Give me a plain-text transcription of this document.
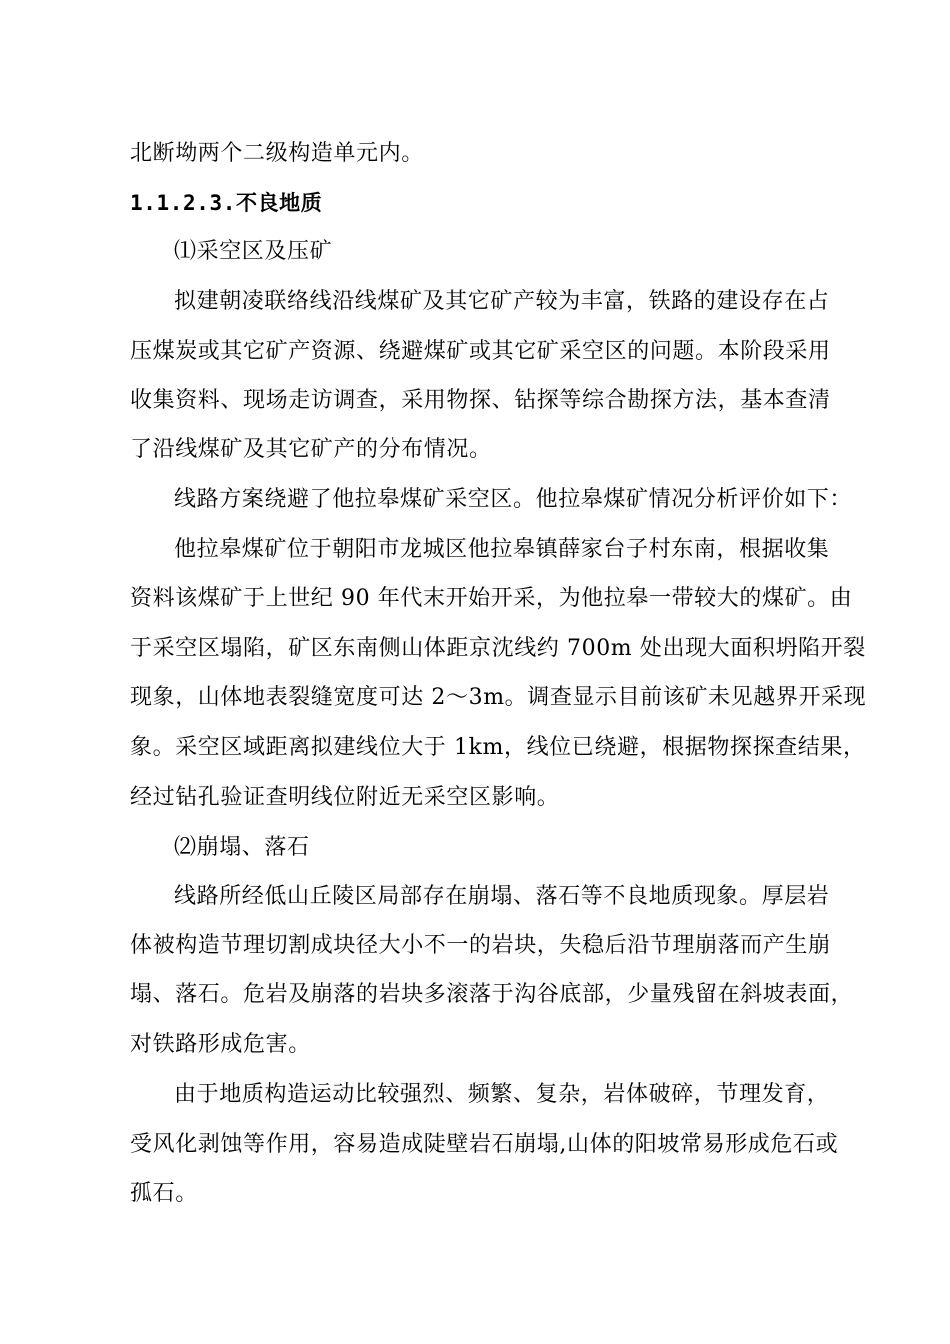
北断坳两个二级构造单元内。
1.1.2.3.不良地质
⑴采空区及压矿
拟建朝凌联络线沿线煤矿及其它矿产较为丰富，铁路的建设存在占
压煤炭或其它矿产资源、绕避煤矿或其它矿采空区的问题。本阶段采用
收集资料、现场走访调查，采用物探、钻探等综合勘探方法，基本查清
了沿线煤矿及其它矿产的分布情况。
线路方案绕避了他拉皋煤矿采空区。他拉皋煤矿情况分析评价如下：
他拉皋煤矿位于朝阳市龙城区他拉皋镇薛家台子村东南，根据收集
资料该煤矿于上世纪 90 年代末开始开采，为他拉皋一带较大的煤矿。由
于采空区塌陷，矿区东南侧山体距京沈线约 700m 处出现大面积坍陷开裂
现象，山体地表裂缝宽度可达 2～3m。调查显示目前该矿未见越界开采现
象。采空区域距离拟建线位大于 1km，线位已绕避，根据物探探查结果，
经过钻孔验证查明线位附近无采空区影响。
⑵崩塌、落石
线路所经低山丘陵区局部存在崩塌、落石等不良地质现象。厚层岩
体被构造节理切割成块径大小不一的岩块，失稳后沿节理崩落而产生崩
塌、落石。危岩及崩落的岩块多滚落于沟谷底部，少量残留在斜坡表面，
对铁路形成危害。
由于地质构造运动比较强烈、频繁、复杂，岩体破碎，节理发育，
受风化剥蚀等作用，容易造成陡壁岩石崩塌,山体的阳坡常易形成危石或
孤石。
